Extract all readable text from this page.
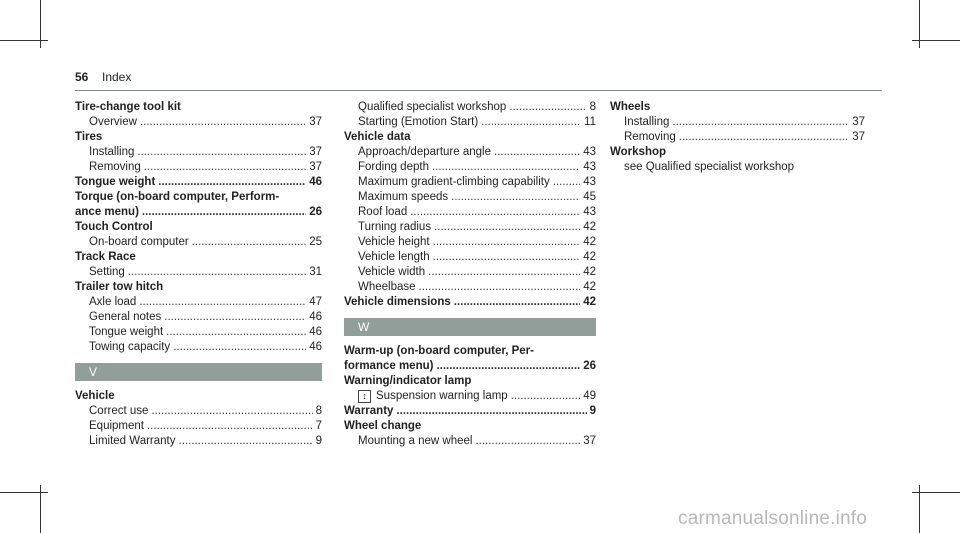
56 Index
Tire-change tool kit
Overview .....	37
Tires
Installing .....	37
Removing .....	37
Tongue weight .....	46
Torque (on-board computer, Perform-
ance menu) .....	26
Touch Control
On-board computer .....	25
Track Race
Setting .....	31
Trailer tow hitch
Axle load .....	47
General notes .....	46
Tongue weight .....	46
Towing capacity .....	46
V
Vehicle
Correct use .....	8
Equipment .....	7
Limited Warranty .....	9
Qualified specialist workshop .....	8
Starting (Emotion Start) .....	11
Vehicle data
Approach/departure angle .....	43
Fording depth .....	43
Maximum gradient-climbing capability .....	43
Maximum speeds .....	45
Roof load .....	43
Turning radius .....	42
Vehicle height .....	42
Vehicle length .....	42
Vehicle width .....	42
Wheelbase .....	42
Vehicle dimensions .....	42
W
Warm-up (on-board computer, Per-
formance menu) .....	26
Warning/indicator lamp
↕ Suspension warning lamp .....	49
Warranty .....	9
Wheel change
Mounting a new wheel .....	37
Wheels
Installing .....	37
Removing .....	37
Workshop
see Qualified specialist workshop
carmanualsonline.info
